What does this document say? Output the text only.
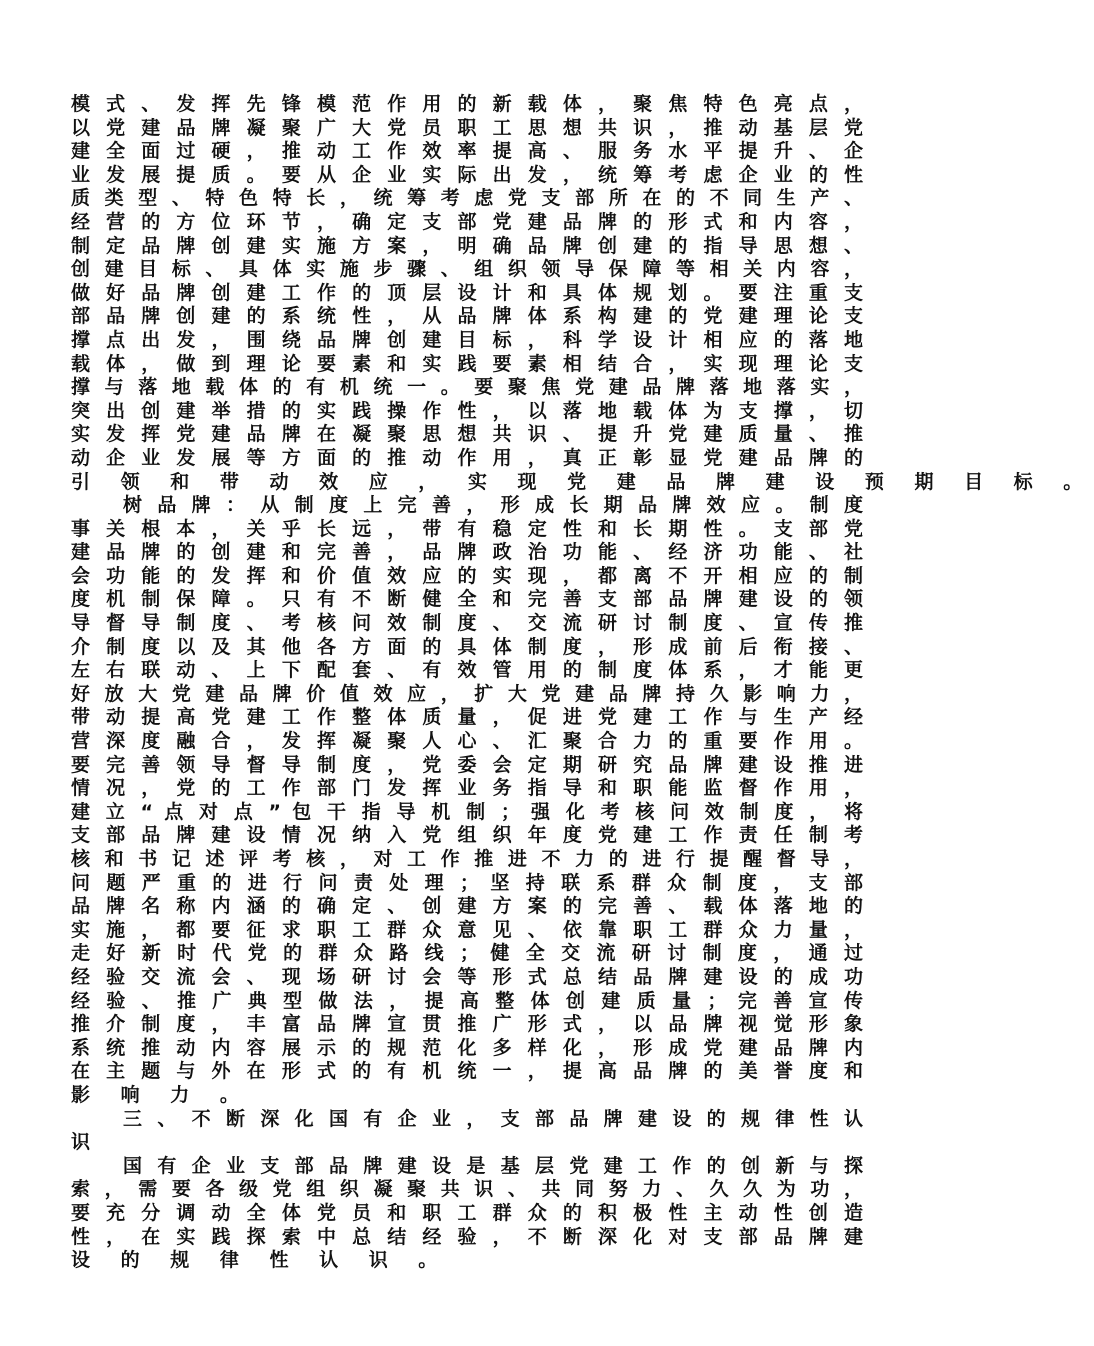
模 式 、 发 挥 先 锋 模 范 作 用 的 新 载 体 ， 聚 焦 特 色 亮 点 ，
以 党 建 品 牌 凝 聚 广 大 党 员 职 工 思 想 共 识 ， 推 动 基 层 党
建 全 面 过 硬 ， 推 动 工 作 效 率 提 高 、 服 务 水 平 提 升 、 企
业 发 展 提 质 。 要 从 企 业 实 际 出 发 ， 统 筹 考 虑 企 业 的 性
质 类 型 、 特 色 特 长 ， 统 筹 考 虑 党 支 部 所 在 的 不 同 生 产 、
经 营 的 方 位 环 节 ， 确 定 支 部 党 建 品 牌 的 形 式 和 内 容 ，
制 定 品 牌 创 建 实 施 方 案 ， 明 确 品 牌 创 建 的 指 导 思 想 、
创 建 目 标 、 具 体 实 施 步 骤 、 组 织 领 导 保 障 等 相 关 内 容 ，
做 好 品 牌 创 建 工 作 的 顶 层 设 计 和 具 体 规 划 。 要 注 重 支
部 品 牌 创 建 的 系 统 性 ， 从 品 牌 体 系 构 建 的 党 建 理 论 支
撑 点 出 发 ， 围 绕 品 牌 创 建 目 标 ， 科 学 设 计 相 应 的 落 地
载 体 ， 做 到 理 论 要 素 和 实 践 要 素 相 结 合 ， 实 现 理 论 支
撑 与 落 地 载 体 的 有 机 统 一 。 要 聚 焦 党 建 品 牌 落 地 落 实 ，
突 出 创 建 举 措 的 实 践 操 作 性 ， 以 落 地 载 体 为 支 撑 ， 切
实 发 挥 党 建 品 牌 在 凝 聚 思 想 共 识 、 提 升 党 建 质 量 、 推
动 企 业 发 展 等 方 面 的 推 动 作 用 ， 真 正 彰 显 党 建 品 牌 的
引 领 和 带 动 效 应 ， 实 现 党 建 品 牌 建 设 预 期 目 标 。
树 品 牌 ： 从 制 度 上 完 善 ， 形 成 长 期 品 牌 效 应 。 制 度
事 关 根 本 ， 关 乎 长 远 ， 带 有 稳 定 性 和 长 期 性 。 支 部 党
建 品 牌 的 创 建 和 完 善 ， 品 牌 政 治 功 能 、 经 济 功 能 、 社
会 功 能 的 发 挥 和 价 值 效 应 的 实 现 ， 都 离 不 开 相 应 的 制
度 机 制 保 障 。 只 有 不 断 健 全 和 完 善 支 部 品 牌 建 设 的 领
导 督 导 制 度 、 考 核 问 效 制 度 、 交 流 研 讨 制 度 、 宣 传 推
介 制 度 以 及 其 他 各 方 面 的 具 体 制 度 ， 形 成 前 后 衔 接 、
左 右 联 动 、 上 下 配 套 、 有 效 管 用 的 制 度 体 系 ， 才 能 更
好 放 大 党 建 品 牌 价 值 效 应 ， 扩 大 党 建 品 牌 持 久 影 响 力 ，
带 动 提 高 党 建 工 作 整 体 质 量 ， 促 进 党 建 工 作 与 生 产 经
营 深 度 融 合 ， 发 挥 凝 聚 人 心 、 汇 聚 合 力 的 重 要 作 用 。
要 完 善 领 导 督 导 制 度 ， 党 委 会 定 期 研 究 品 牌 建 设 推 进
情 况 ， 党 的 工 作 部 门 发 挥 业 务 指 导 和 职 能 监 督 作 用 ，
建 立 “ 点 对 点 ” 包 干 指 导 机 制 ； 强 化 考 核 问 效 制 度 ， 将
支 部 品 牌 建 设 情 况 纳 入 党 组 织 年 度 党 建 工 作 责 任 制 考
核 和 书 记 述 评 考 核 ， 对 工 作 推 进 不 力 的 进 行 提 醒 督 导 ，
问 题 严 重 的 进 行 问 责 处 理 ； 坚 持 联 系 群 众 制 度 ， 支 部
品 牌 名 称 内 涵 的 确 定 、 创 建 方 案 的 完 善 、 载 体 落 地 的
实 施 ， 都 要 征 求 职 工 群 众 意 见 、 依 靠 职 工 群 众 力 量 ，
走 好 新 时 代 党 的 群 众 路 线 ； 健 全 交 流 研 讨 制 度 ， 通 过
经 验 交 流 会 、 现 场 研 讨 会 等 形 式 总 结 品 牌 建 设 的 成 功
经 验 、 推 广 典 型 做 法 ， 提 高 整 体 创 建 质 量 ； 完 善 宣 传
推 介 制 度 ， 丰 富 品 牌 宣 贯 推 广 形 式 ， 以 品 牌 视 觉 形 象
系 统 推 动 内 容 展 示 的 规 范 化 多 样 化 ， 形 成 党 建 品 牌 内
在 主 题 与 外 在 形 式 的 有 机 统 一 ， 提 高 品 牌 的 美 誉 度 和
影 响 力 。
三 、 不 断 深 化 国 有 企 业 ， 支 部 品 牌 建 设 的 规 律 性 认
识
国 有 企 业 支 部 品 牌 建 设 是 基 层 党 建 工 作 的 创 新 与 探
索 ， 需 要 各 级 党 组 织 凝 聚 共 识 、 共 同 努 力 、 久 久 为 功 ，
要 充 分 调 动 全 体 党 员 和 职 工 群 众 的 积 极 性 主 动 性 创 造
性 ， 在 实 践 探 索 中 总 结 经 验 ， 不 断 深 化 对 支 部 品 牌 建
设 的 规 律 性 认 识 。
